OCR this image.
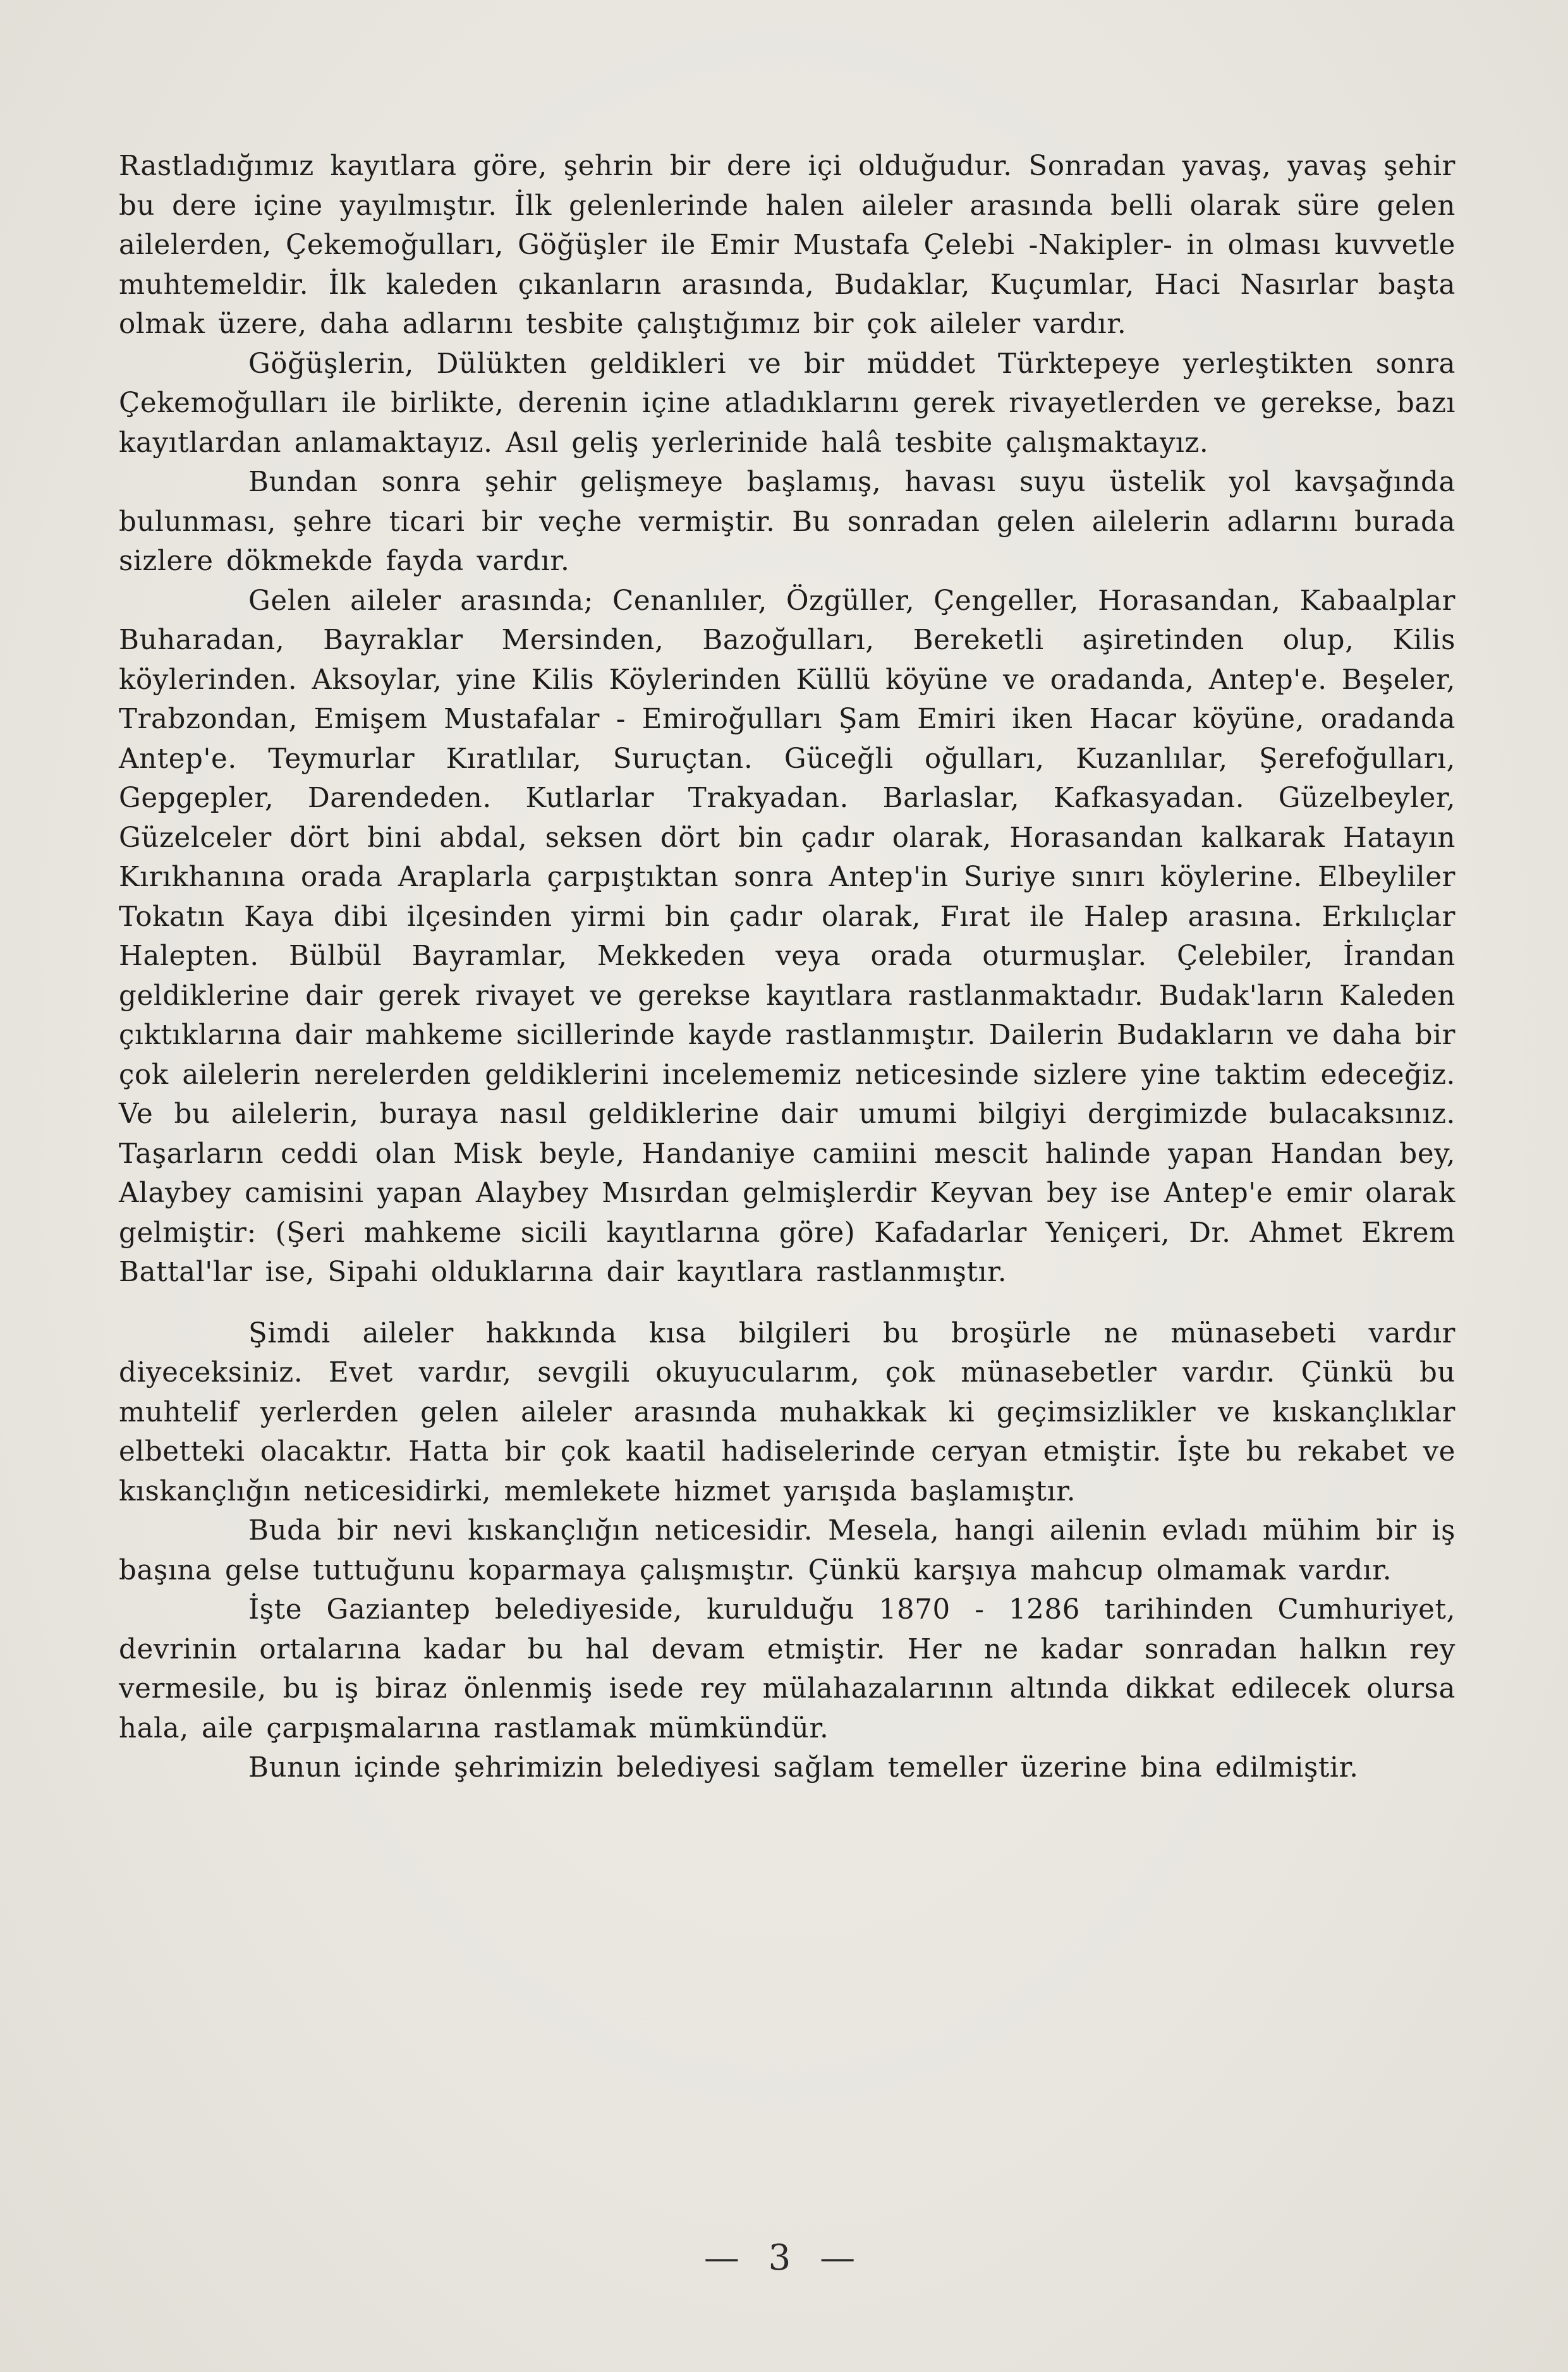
Rastladığımız kayıtlara göre, şehrin bir dere içi olduğudur. Sonradan yavaş, yavaş şehir bu dere içine yayılmıştır. İlk gelenlerinde halen aileler arasında belli olarak süre gelen ailelerden, Çekemoğulları, Göğüşler ile Emir Mustafa Çelebi -Nakipler- in olması kuvvetle muhtemeldir. İlk kaleden çıkanların arasında, Budaklar, Kuçumlar, Haci Nasırlar başta olmak üzere, daha adlarını tesbite çalıştığımız bir çok aileler vardır.

Göğüşlerin, Dülükten geldikleri ve bir müddet Türktepeye yerleştikten sonra Çekemoğulları ile birlikte, derenin içine atladıklarını gerek rivayetlerden ve gerekse, bazı kayıtlardan anlamaktayız. Asıl geliş yerlerinide halâ tesbite çalışmaktayız.

Bundan sonra şehir gelişmeye başlamış, havası suyu üstelik yol kavşağında bulunması, şehre ticari bir veçhe vermiştir. Bu sonradan gelen ailelerin adlarını burada sizlere dökmekde fayda vardır.

Gelen aileler arasında; Cenanlıler, Özgüller, Çengeller, Horasandan, Kabaalplar Buharadan, Bayraklar Mersinden, Bazoğulları, Bereketli aşiretinden olup, Kilis köylerinden. Aksoylar, yine Kilis Köylerinden Küllü köyüne ve oradanda, Antep'e. Beşeler, Trabzondan, Emişem Mustafalar - Emiroğulları Şam Emiri iken Hacar köyüne, oradanda Antep'e. Teymurlar Kıratlılar, Suruçtan. Güceğli oğulları, Kuzanlılar, Şerefoğulları, Gepgepler, Darendeden. Kutlarlar Trakyadan. Barlaslar, Kafkasyadan. Güzelbeyler, Güzelceler dört bini abdal, seksen dört bin çadır olarak, Horasandan kalkarak Hatayın Kırıkhanına orada Araplarla çarpıştıktan sonra Antep'in Suriye sınırı köylerine. Elbeyliler Tokatın Kaya dibi ilçesinden yirmi bin çadır olarak, Fırat ile Halep arasına. Erkılıçlar Halepten. Bülbül Bayramlar, Mekkeden veya orada oturmuşlar. Çelebiler, İrandan geldiklerine dair gerek rivayet ve gerekse kayıtlara rastlanmaktadır. Budak'ların Kaleden çıktıklarına dair mahkeme sicillerinde kayde rastlanmıştır. Dailerin Budakların ve daha bir çok ailelerin nerelerden geldiklerini incelememiz neticesinde sizlere yine taktim edeceğiz. Ve bu ailelerin, buraya nasıl geldiklerine dair umumi bilgiyi dergimizde bulacaksınız. Taşarların ceddi olan Misk beyle, Handaniye camiini mescit halinde yapan Handan bey, Alaybey camisini yapan Alaybey Mısırdan gelmişlerdir Keyvan bey ise Antep'e emir olarak gelmiştir: (Şeri mahkeme sicili kayıtlarına göre) Kafadarlar Yeniçeri, Dr. Ahmet Ekrem Battal'lar ise, Sipahi olduklarına dair kayıtlara rastlanmıştır.

Şimdi aileler hakkında kısa bilgileri bu broşürle ne münasebeti vardır diyeceksiniz. Evet vardır, sevgili okuyucularım, çok münasebetler vardır. Çünkü bu muhtelif yerlerden gelen aileler arasında muhakkak ki geçimsizlikler ve kıskançlıklar elbetteki olacaktır. Hatta bir çok kaatil hadiselerinde ceryan etmiştir. İşte bu rekabet ve kıskançlığın neticesidirki, memlekete hizmet yarışıda başlamıştır.

Buda bir nevi kıskançlığın neticesidir. Mesela, hangi ailenin evladı mühim bir iş başına gelse tuttuğunu koparmaya çalışmıştır. Çünkü karşıya mahcup olmamak vardır.

İşte Gaziantep belediyeside, kurulduğu 1870 - 1286 tarihinden Cumhuriyet, devrinin ortalarına kadar bu hal devam etmiştir. Her ne kadar sonradan halkın rey vermesile, bu iş biraz önlenmiş isede rey mülahazalarının altında dikkat edilecek olursa hala, aile çarpışmalarına rastlamak mümkündür.

Bunun içinde şehrimizin belediyesi sağlam temeller üzerine bina edilmiştir.

— 3 —
